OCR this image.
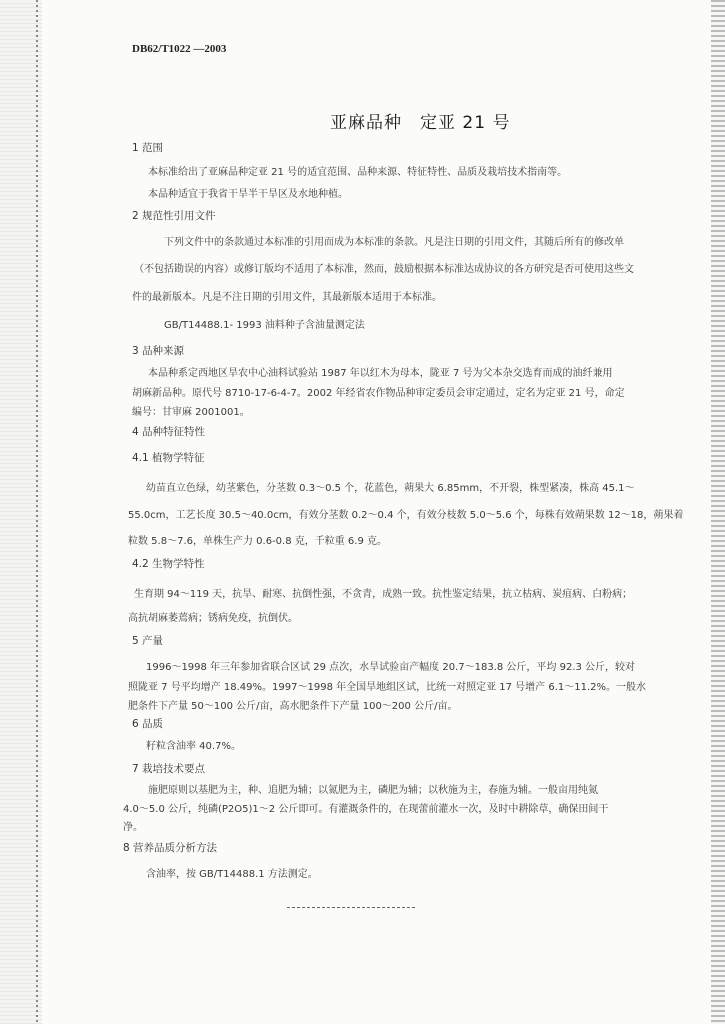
DB62/T1022 —2003
亚麻品种　定亚 21 号
1 范围
本标准给出了亚麻品种定亚 21 号的适宜范围、品种来源、特征特性、品质及栽培技术指南等。
本品种适宜于我省干旱半干旱区及水地种植。
2 规范性引用文件
下列文件中的条款通过本标准的引用而成为本标准的条款。凡是注日期的引用文件，其随后所有的修改单
（不包括勘误的内容）或修订版均不适用了本标准，然而，鼓励根据本标准达成协议的各方研究是否可使用这些文
件的最新版本。凡是不注日期的引用文件，其最新版本适用于本标准。
GB/T14488.1- 1993 油料种子含油量测定法
3 品种来源
本品种系定西地区旱农中心油料试验站 1987 年以红木为母本，陇亚 7 号为父本杂交选育而成的油纤兼用
胡麻新品种。原代号 8710-17-6-4-7。2002 年经省农作物品种审定委员会审定通过，定名为定亚 21 号，命定
编号：甘审麻 2001001。
4 品种特征特性
4.1 植物学特征
幼苗直立色绿，幼茎紫色，分茎数 0.3～0.5 个，花蓝色，蒴果大 6.85mm，不开裂，株型紧凑，株高 45.1～
55.0cm，工艺长度 30.5～40.0cm，有效分茎数 0.2～0.4 个，有效分枝数 5.0～5.6 个，每株有效蒴果数 12～18，蒴果着
粒数 5.8～7.6，单株生产力 0.6-0.8 克，千粒重 6.9 克。
4.2 生物学特性
生育期 94～119 天，抗旱、耐寒、抗倒性强，不贪青，成熟一致。抗性鉴定结果，抗立枯病、炭疽病、白粉病；
高抗胡麻萎蔫病；锈病免疫，抗倒伏。
5 产量
1996～1998 年三年参加省联合区试 29 点次，水旱试验亩产幅度 20.7～183.8 公斤，平均 92.3 公斤，较对
照陇亚 7 号平均增产 18.49%。1997～1998 年全国旱地组区试，比统一对照定亚 17 号增产 6.1～11.2%。一般水
肥条件下产量 50～100 公斤/亩，高水肥条件下产量 100～200 公斤/亩。
6 品质
籽粒含油率 40.7%。
7 栽培技术要点
施肥原则以基肥为主，种、追肥为辅；以氮肥为主，磷肥为辅；以秋施为主，春施为辅。一般亩用纯氮
4.0～5.0 公斤，纯磷(P2O5)1～2 公斤即可。有灌溉条件的，在现蕾前灌水一次，及时中耕除草，确保田间干
净。
8 营养品质分析方法
含油率，按 GB/T14488.1 方法测定。
